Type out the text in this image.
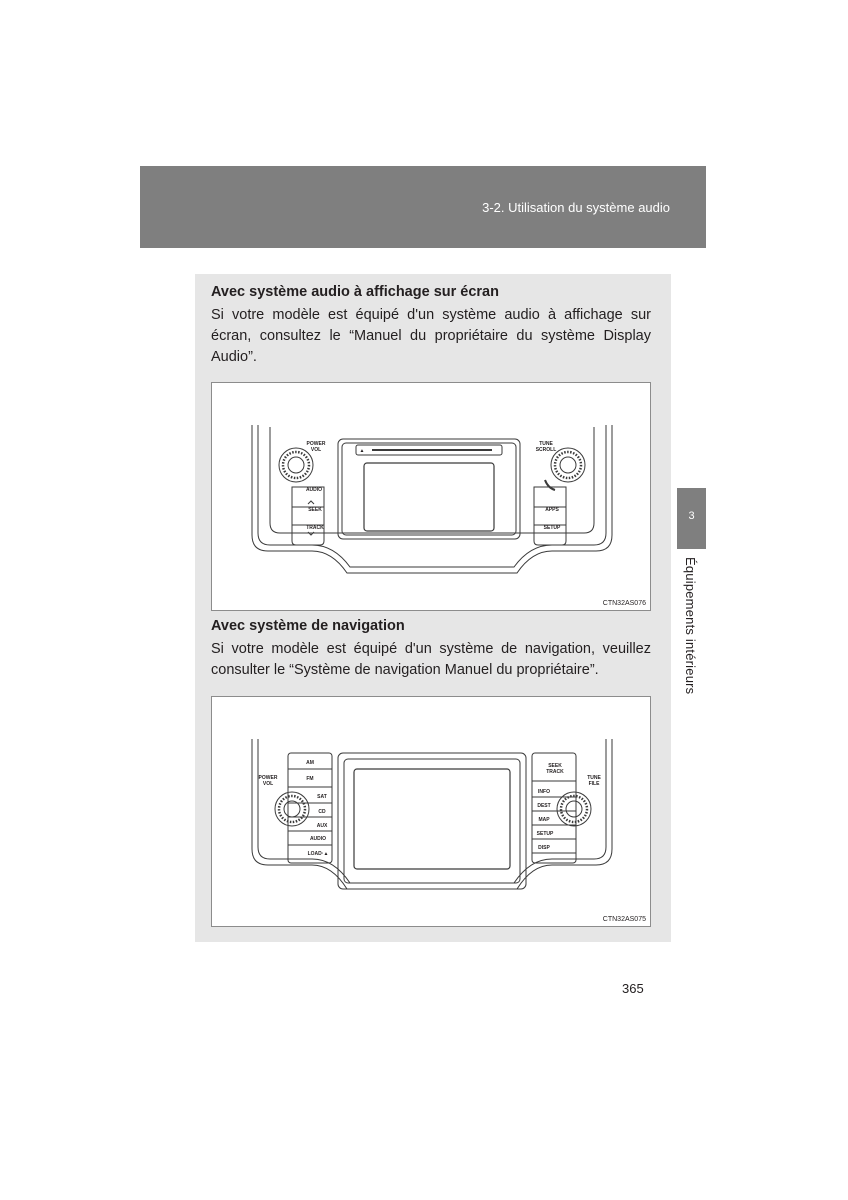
3-2. Utilisation du système audio
3
Équipements intérieurs
Avec système audio à affichage sur écran
Si votre modèle est équipé d'un système audio à affichage sur écran, consultez le “Manuel du propriétaire du système Display Audio”.
POWER
VOL
TUNE
SCROLL
▲
AUDIO
SEEK
TRACK
APPS
SETUP
CTN32AS076
Avec système de navigation
Si votre modèle est équipé d'un système de navigation, veuillez consulter le “Système de navigation Manuel du propriétaire”.
AM
FM
SAT
CD
AUX
AUDIO
LOAD·▲
POWER
VOL
SEEK
TRACK
TUNE
FILE
INFO
DEST
MAP
SETUP
DISP
CTN32AS075
365
